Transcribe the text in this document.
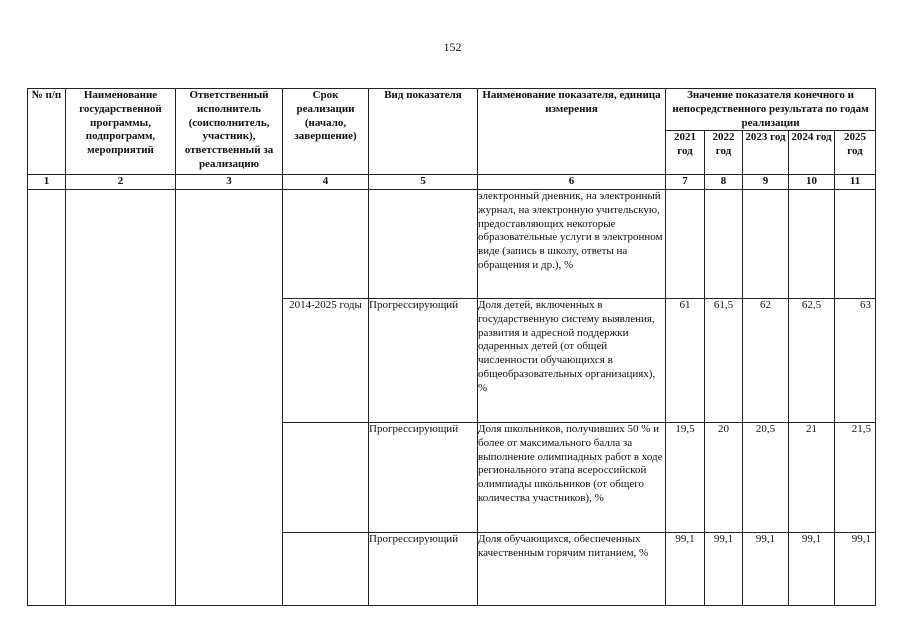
152
№ п/п	Наименование государственной программы, подпрограмм, мероприятий	Ответственный исполнитель (соисполнитель, участник), ответственный за реализацию	Срок реализации (начало, завершение)	Вид показателя	Наименование показателя, единица измерения	Значение показателя конечного и непосредственного результата по годам реализации				
						2021 год	2022 год	2023 год	2024 год	2025 год
1	2	3	4	5	6	7	8	9	10	11
					электронный дневник, на электронный журнал, на электронную учительскую, предоставляющих некоторые образовательные услуги в электронном виде (запись в школу, ответы на обращения и др.), %					
			2014-2025 годы	Прогрессирующий	Доля детей, включенных в государственную систему выявления, развития и адресной поддержки одаренных детей (от общей численности обучающихся в общеобразовательных организациях), %	61	61,5	62	62,5	63
				Прогрессирующий	Доля школьников, получивших 50 % и более от максимального балла за выполнение олимпиадных работ в ходе регионального этапа всероссийской олимпиады школьников (от общего количества участников), %	19,5	20	20,5	21	21,5
				Прогрессирующий	Доля обучающихся, обеспеченных качественным горячим питанием, %	99,1	99,1	99,1	99,1	99,1
